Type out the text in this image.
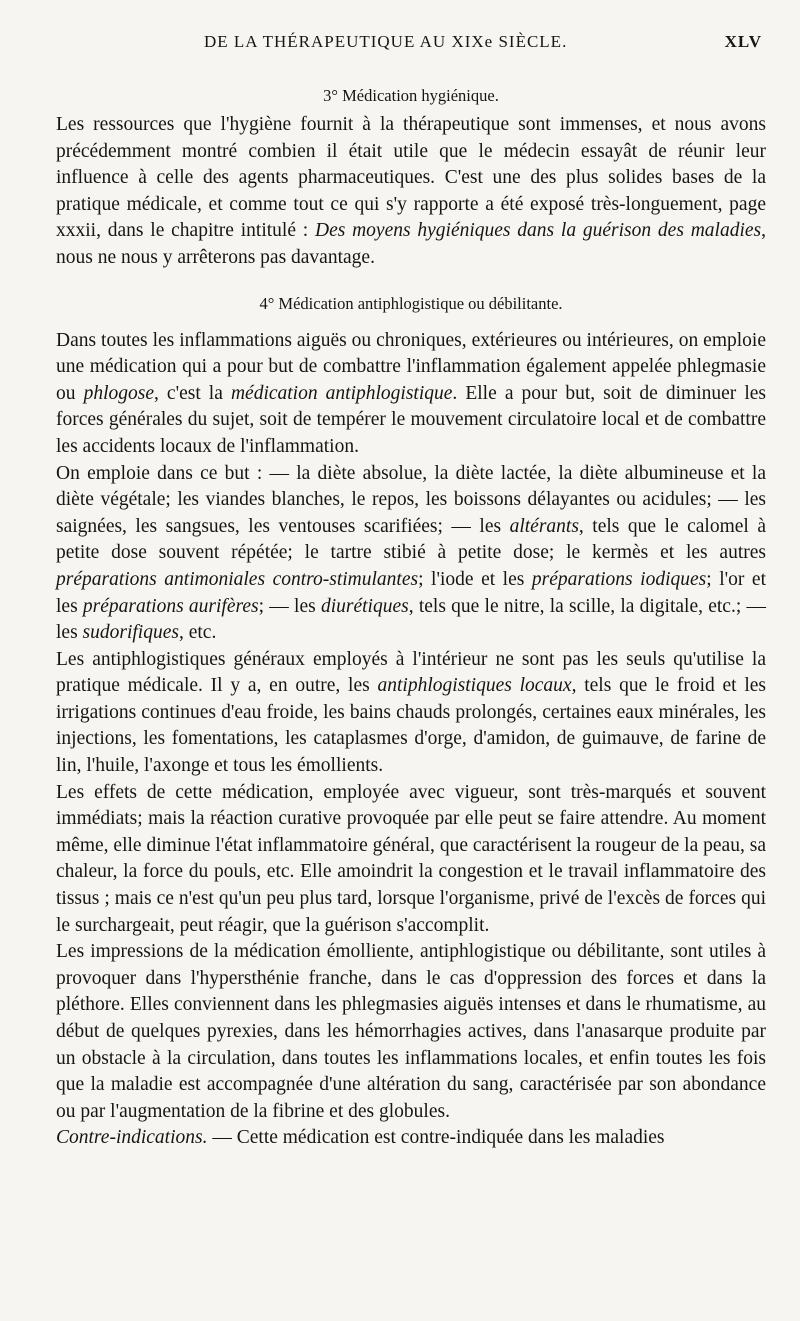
DE LA THÉRAPEUTIQUE AU XIXe SIÈCLE.	XLV
3° Médication hygiénique.

Les ressources que l'hygiène fournit à la thérapeutique sont immenses, et nous avons précédemment montré combien il était utile que le médecin essayât de réunir leur influence à celle des agents pharmaceutiques. C'est une des plus solides bases de la pratique médicale, et comme tout ce qui s'y rapporte a été exposé très-longuement, page xxxii, dans le chapitre intitulé : Des moyens hygiéniques dans la guérison des maladies, nous ne nous y arrêterons pas davantage.

4° Médication antiphlogistique ou débilitante.

Dans toutes les inflammations aiguës ou chroniques, extérieures ou intérieures, on emploie une médication qui a pour but de combattre l'inflammation également appelée phlegmasie ou phlogose, c'est la médication antiphlogistique. Elle a pour but, soit de diminuer les forces générales du sujet, soit de tempérer le mouvement circulatoire local et de combattre les accidents locaux de l'inflammation.

On emploie dans ce but : — la diète absolue, la diète lactée, la diète albumineuse et la diète végétale; les viandes blanches, le repos, les boissons délayantes ou acidules; — les saignées, les sangsues, les ventouses scarifiées; — les altérants, tels que le calomel à petite dose souvent répétée; le tartre stibié à petite dose; le kermès et les autres préparations antimoniales contro-stimulantes; l'iode et les préparations iodiques; l'or et les préparations aurifères; — les diurétiques, tels que le nitre, la scille, la digitale, etc.; — les sudorifiques, etc.

Les antiphlogistiques généraux employés à l'intérieur ne sont pas les seuls qu'utilise la pratique médicale. Il y a, en outre, les antiphlogistiques locaux, tels que le froid et les irrigations continues d'eau froide, les bains chauds prolongés, certaines eaux minérales, les injections, les fomentations, les cataplasmes d'orge, d'amidon, de guimauve, de farine de lin, l'huile, l'axonge et tous les émollients.

Les effets de cette médication, employée avec vigueur, sont très-marqués et souvent immédiats; mais la réaction curative provoquée par elle peut se faire attendre. Au moment même, elle diminue l'état inflammatoire général, que caractérisent la rougeur de la peau, sa chaleur, la force du pouls, etc. Elle amoindrit la congestion et le travail inflammatoire des tissus ; mais ce n'est qu'un peu plus tard, lorsque l'organisme, privé de l'excès de forces qui le surchargeait, peut réagir, que la guérison s'accomplit.

Les impressions de la médication émolliente, antiphlogistique ou débilitante, sont utiles à provoquer dans l'hypersthénie franche, dans le cas d'oppression des forces et dans la pléthore. Elles conviennent dans les phlegmasies aiguës intenses et dans le rhumatisme, au début de quelques pyrexies, dans les hémorrhagies actives, dans l'anasarque produite par un obstacle à la circulation, dans toutes les inflammations locales, et enfin toutes les fois que la maladie est accompagnée d'une altération du sang, caractérisée par son abondance ou par l'augmentation de la fibrine et des globules.

Contre-indications. — Cette médication est contre-indiquée dans les maladies
